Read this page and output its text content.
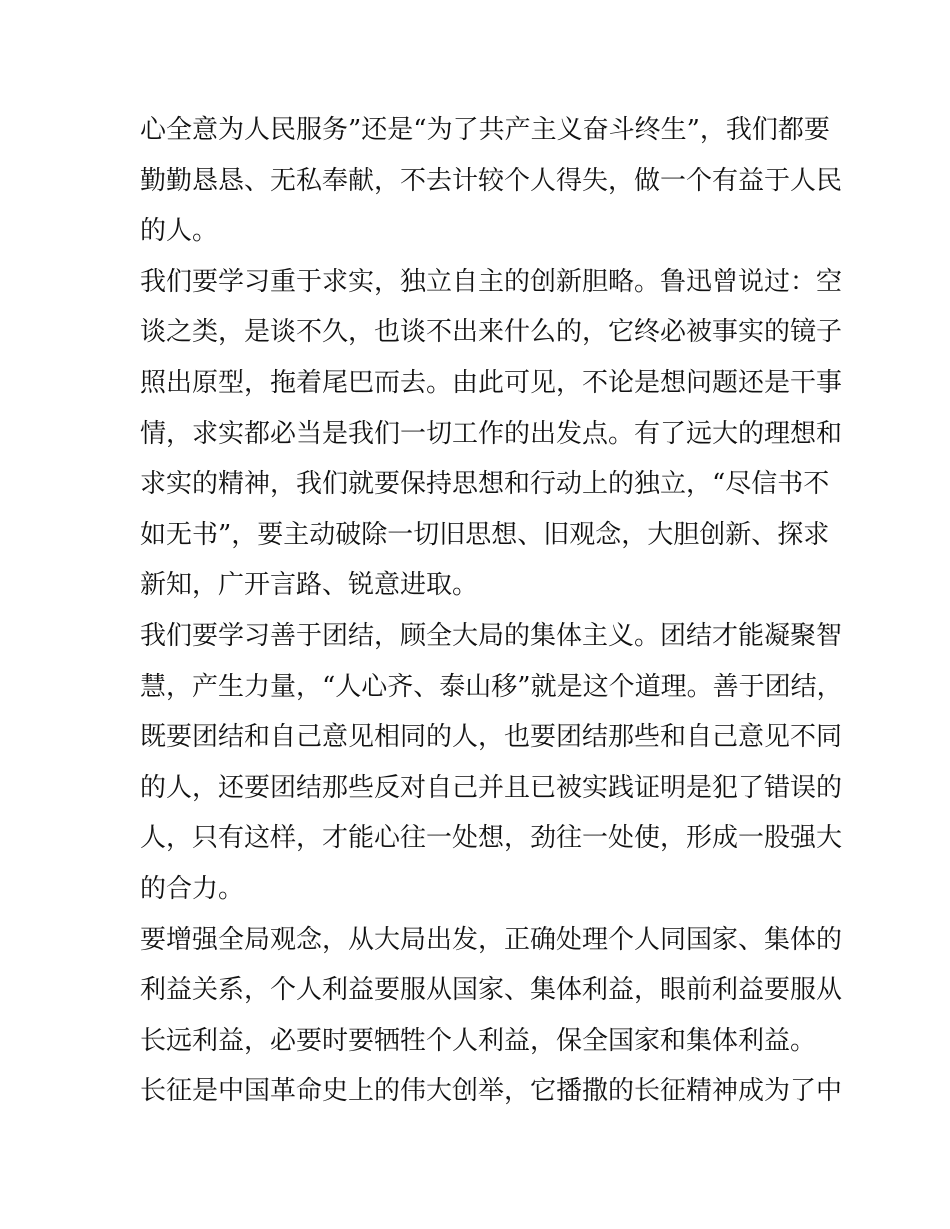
心全意为人民服务”还是“为了共产主义奋斗终生”，我们都要
勤勤恳恳、无私奉献，不去计较个人得失，做一个有益于人民
的人。
我们要学习重于求实，独立自主的创新胆略。鲁迅曾说过：空
谈之类，是谈不久，也谈不出来什么的，它终必被事实的镜子
照出原型，拖着尾巴而去。由此可见，不论是想问题还是干事
情，求实都必当是我们一切工作的出发点。有了远大的理想和
求实的精神，我们就要保持思想和行动上的独立，“尽信书不
如无书”，要主动破除一切旧思想、旧观念，大胆创新、探求
新知，广开言路、锐意进取。
我们要学习善于团结，顾全大局的集体主义。团结才能凝聚智
慧，产生力量，“人心齐、泰山移”就是这个道理。善于团结，
既要团结和自己意见相同的人，也要团结那些和自己意见不同
的人，还要团结那些反对自己并且已被实践证明是犯了错误的
人，只有这样，才能心往一处想，劲往一处使，形成一股强大
的合力。
要增强全局观念，从大局出发，正确处理个人同国家、集体的
利益关系，个人利益要服从国家、集体利益，眼前利益要服从
长远利益，必要时要牺牲个人利益，保全国家和集体利益。
长征是中国革命史上的伟大创举，它播撒的长征精神成为了中
